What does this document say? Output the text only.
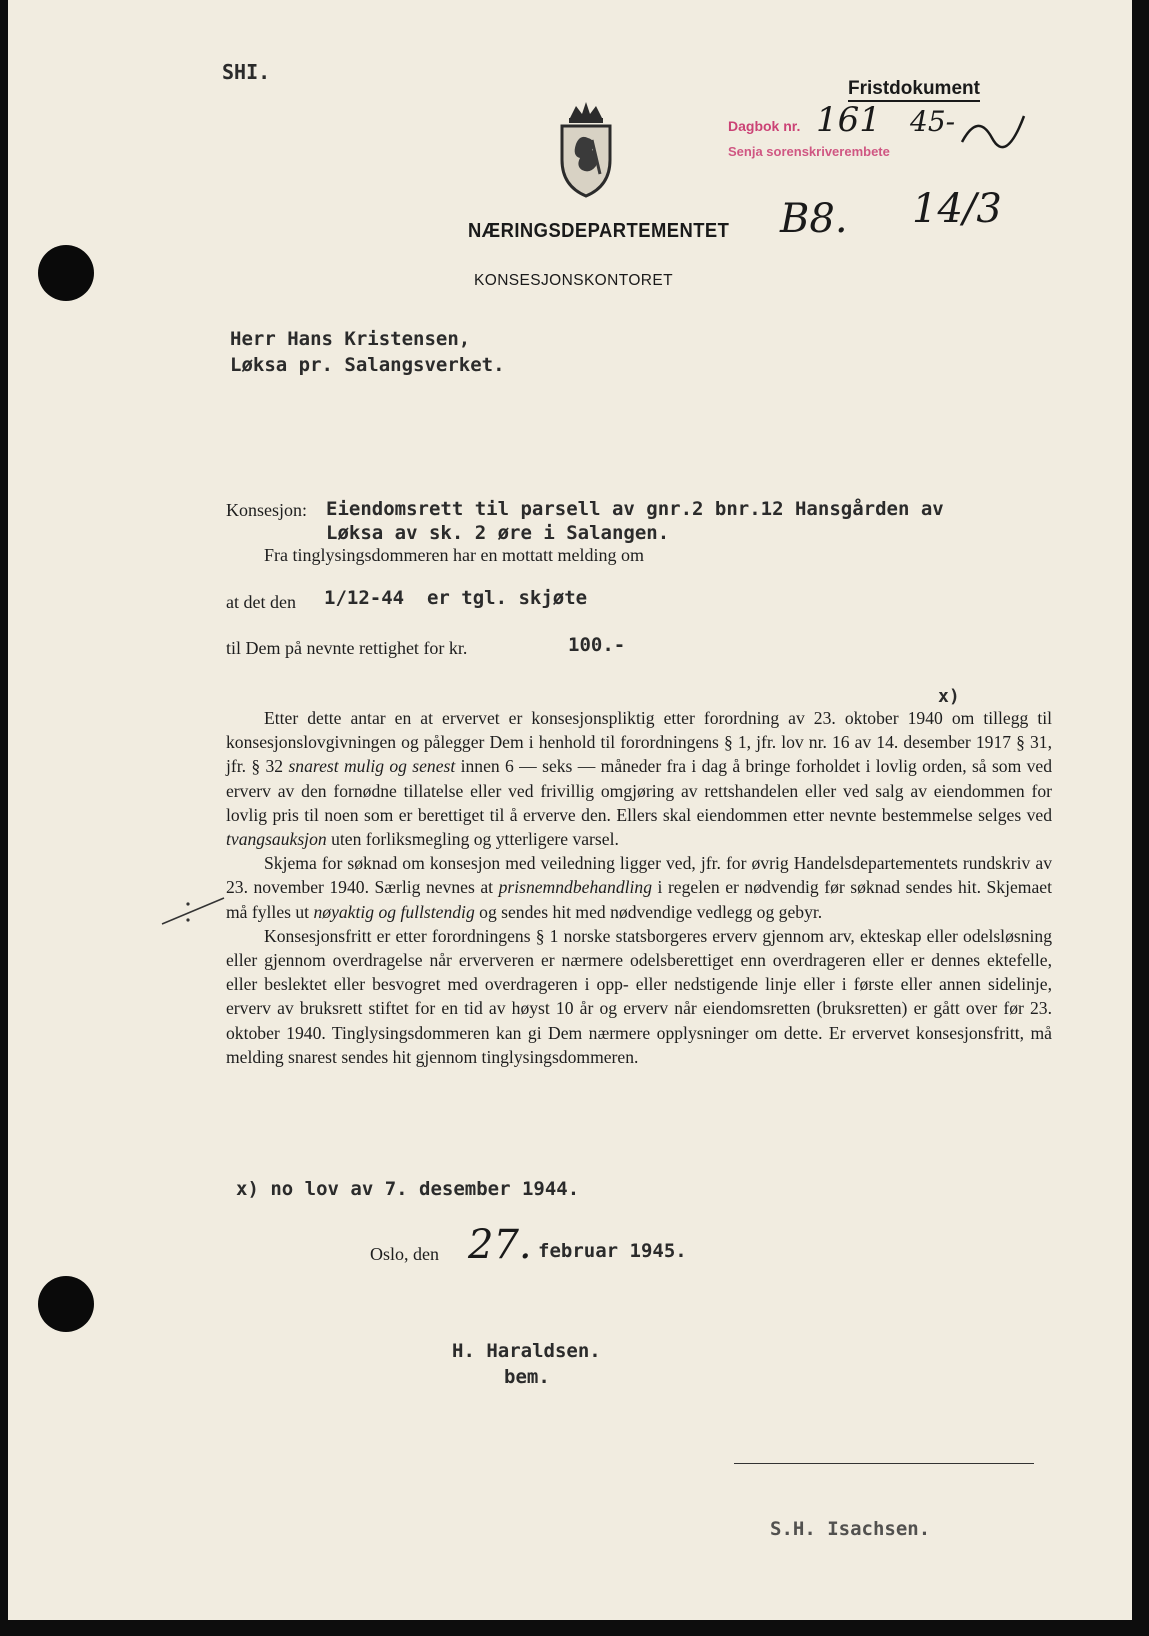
SHI.
Fristdokument
Dagbok nr.
Senja sorenskriverembete
161 45-
NÆRINGSDEPARTEMENTET
KONSESJONSKONTORET
B8. 14/3
Herr Hans Kristensen,
Løksa pr. Salangsverket.
Konsesjon: Eiendomsrett til parsell av gnr.2 bnr.12 Hansgården av
Løksa av sk. 2 øre i Salangen.
Fra tinglysingsdommeren har en mottatt melding om
at det den 1/12-44  er tgl. skjøte
til Dem på nevnte rettighet for kr.	100.-
x)

Etter dette antar en at ervervet er konsesjonspliktig etter forordning av 23. oktober 1940 om tillegg til konsesjonslovgivningen og pålegger Dem i henhold til forordningens § 1, jfr. lov nr. 16 av 14. desember 1917 § 31, jfr. § 32 snarest mulig og senest innen 6 — seks — måneder fra i dag å bringe forholdet i lovlig orden, så som ved erverv av den fornødne tillatelse eller ved frivillig omgjøring av rettshandelen eller ved salg av eiendommen for lovlig pris til noen som er berettiget til å erverve den. Ellers skal eiendommen etter nevnte bestemmelse selges ved tvangsauksjon uten forliksmegling og ytterligere varsel.

Skjema for søknad om konsesjon med veiledning ligger ved, jfr. for øvrig Handelsdepartementets rundskriv av 23. november 1940. Særlig nevnes at prisnemndbehandling i regelen er nødvendig før søknad sendes hit. Skjemaet må fylles ut nøyaktig og fullstendig og sendes hit med nødvendige vedlegg og gebyr.

Konsesjonsfritt er etter forordningens § 1 norske statsborgeres erverv gjennom arv, ekteskap eller odelsløsning eller gjennom overdragelse når erververen er nærmere odelsberettiget enn overdrageren eller er dennes ektefelle, eller beslektet eller besvogret med overdrageren i opp- eller nedstigende linje eller i første eller annen sidelinje, erverv av bruksrett stiftet for en tid av høyst 10 år og erverv når eiendomsretten (bruksretten) er gått over før 23. oktober 1940. Tinglysingsdommeren kan gi Dem nærmere opplysninger om dette. Er ervervet konsesjonsfritt, må melding snarest sendes hit gjennom tinglysingsdommeren.

x) no lov av 7. desember 1944.
Oslo, den 27. februar 1945.
H. Haraldsen.
bem.
S.H. Isachsen.
